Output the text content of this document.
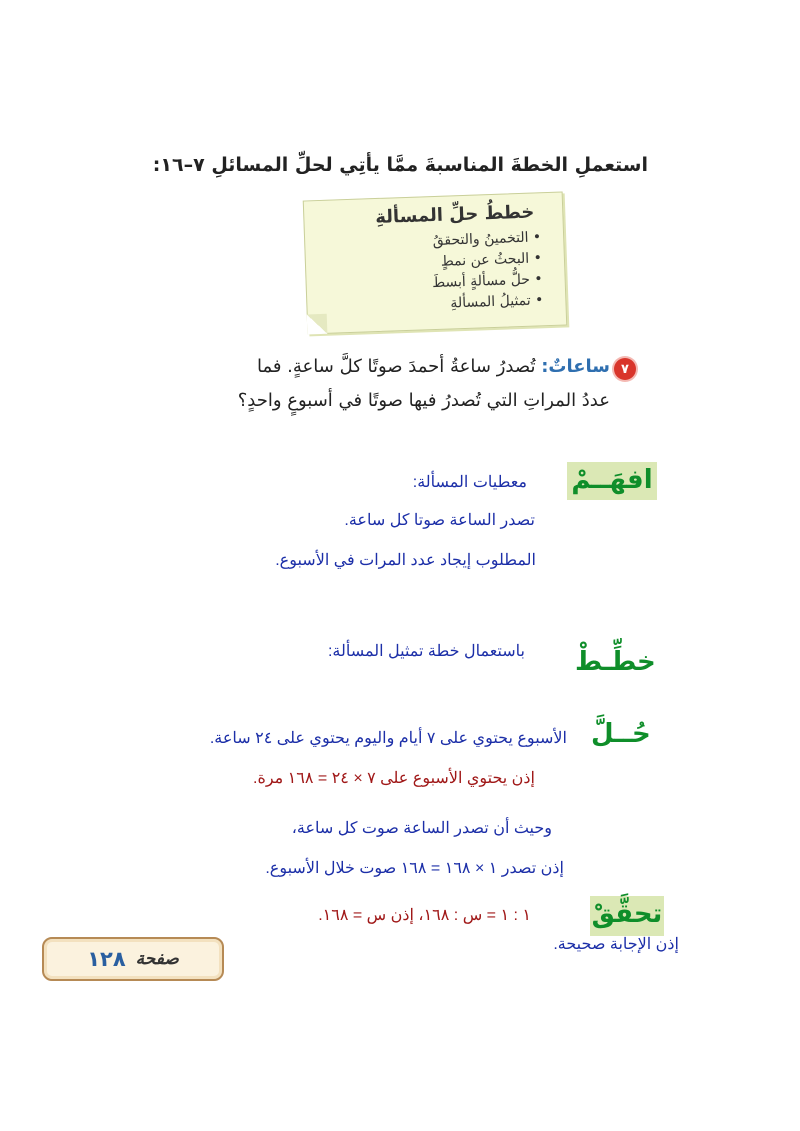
استعملِ الخطةَ المناسبةَ ممَّا يأتِي لحلِّ المسائلِ ٧–١٦:
خططُ حلِّ المسألةِ
• التخمينُ والتحققُ
• البحثُ عن نمطٍ
• حلُّ مسألةٍ أبسطَ
• تمثيلُ المسألةِ
٧
ساعاتٌ: تُصدرُ ساعةُ أحمدَ صوتًا كلَّ ساعةٍ. فما
عددُ المراتِ التي تُصدرُ فيها صوتًا في أسبوعٍ واحدٍ؟
افهَــمْ
خطِّـطْ
حُــلَّ
تحقَّقْ
معطيات المسألة:
تصدر الساعة صوتا كل ساعة.
المطلوب إيجاد عدد المرات في الأسبوع.
باستعمال خطة تمثيل المسألة:
الأسبوع يحتوي على ٧ أيام واليوم يحتوي على ٢٤ ساعة.
إذن يحتوي الأسبوع على ٧ × ٢٤ = ١٦٨ مرة.
وحيث أن تصدر الساعة صوت كل ساعة،
إذن تصدر ١ × ١٦٨ = ١٦٨ صوت خلال الأسبوع.
١ : ١ = س : ١٦٨، إذن س = ١٦٨.
إذن الإجابة صحيحة.
صفحة
١٢٨
